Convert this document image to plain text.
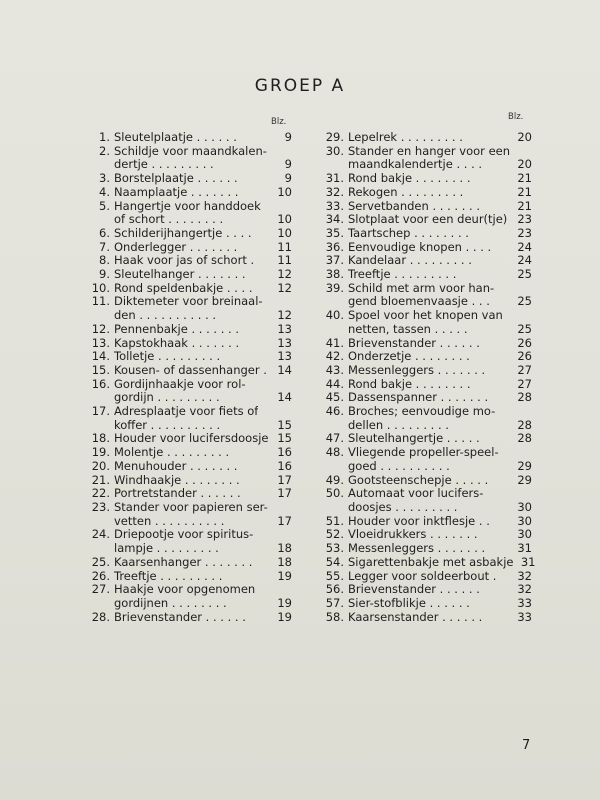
GROEP A
Blz.	Blz.
1. Sleutelplaatje . . . . . .	9
2. Schildje voor maandkalen-
dertje . . . . . . . . .	9
3. Borstelplaatje . . . . . .	9
4. Naamplaatje . . . . . . .	10
5. Hangertje voor handdoek
of schort . . . . . . . .	10
6. Schilderijhangertje . . . .	10
7. Onderlegger . . . . . . .	11
8. Haak voor jas of schort .	11
9. Sleutelhanger . . . . . . .	12
10. Rond speldenbakje . . . .	12
11. Diktemeter voor breinaal-
den . . . . . . . . . . .	12
12. Pennenbakje . . . . . . .	13
13. Kapstokhaak . . . . . . .	13
14. Tolletje . . . . . . . . .	13
15. Kousen- of dassenhanger . 14
16. Gordijnhaakje voor rol-
gordijn . . . . . . . . .	14
17. Adresplaatje voor fiets of
koffer . . . . . . . . . .	15
18. Houder voor lucifersdoosje 15
19. Molentje . . . . . . . . .	16
20. Menuhouder . . . . . . .	16
21. Windhaakje . . . . . . . .	17
22. Portretstander . . . . . .	17
23. Stander voor papieren ser-
vetten . . . . . . . . . .	17
24. Driepootje voor spiritus-
lampje . . . . . . . . .	18
25. Kaarsenhanger . . . . . . .	18
26. Treeftje . . . . . . . . .	19
27. Haakje voor opgenomen
gordijnen . . . . . . . .	19
28. Brievenstander . . . . . .	19
29. Lepelrek . . . . . . . . .	20
30. Stander en hanger voor een
maandkalendertje . . . .	20
31. Rond bakje . . . . . . . .	21
32. Rekogen . . . . . . . . .	21
33. Servetbanden . . . . . . .	21
34. Slotplaat voor een deur(tje) 23
35. Taartschep . . . . . . . .	23
36. Eenvoudige knopen . . . .	24
37. Kandelaar . . . . . . . . .	24
38. Treeftje . . . . . . . . .	25
39. Schild met arm voor han-
gend bloemenvaasje . . .	25
40. Spoel voor het knopen van
netten, tassen . . . . .	25
41. Brievenstander . . . . . .	26
42. Onderzetje . . . . . . . .	26
43. Messenleggers . . . . . . .	27
44. Rond bakje . . . . . . . .	27
45. Dassenspanner . . . . . . .	28
46. Broches; eenvoudige mo-
dellen . . . . . . . . .	28
47. Sleutelhangertje . . . . .	28
48. Vliegende propeller-speel-
goed . . . . . . . . . .	29
49. Gootsteenschepje . . . . .	29
50. Automaat voor lucifers-
doosjes . . . . . . . . .	30
51. Houder voor inktflesje . .	30
52. Vloeidrukkers . . . . . . .	30
53. Messenleggers . . . . . . .	31
54. Sigarettenbakje met asbakje 31
55. Legger voor soldeerbout .	32
56. Brievenstander . . . . . .	32
57. Sier-stofblikje . . . . . .	33
58. Kaarsenstander . . . . . .	33
7
